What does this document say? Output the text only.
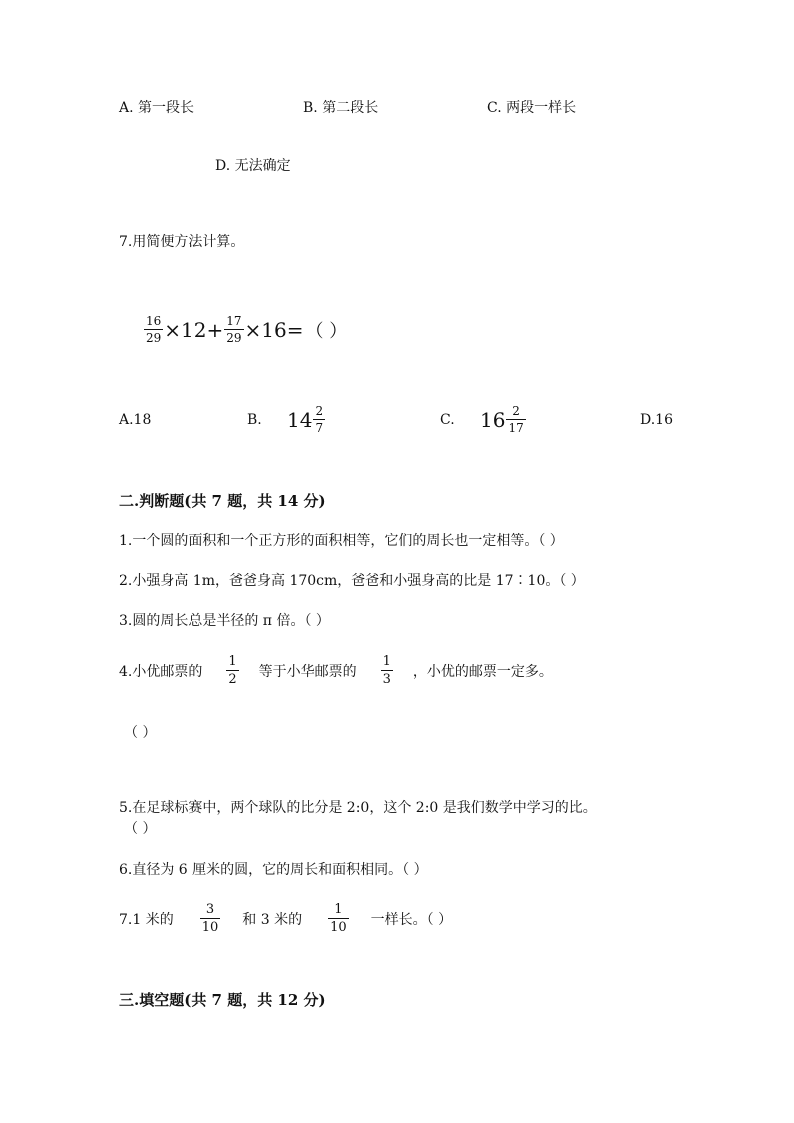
A. 第一段长	B. 第二段长	C. 两段一样长
D. 无法确定
7.用简便方法计算。
$\frac{16}{29} \times 12+ \frac{17}{29} \times 16=$ （ ）
A.18	B. $14 \frac{2}{7}$	C. $16 \frac{2}{17}$	D.16
二.判断题(共 7 题，共 14 分)
1.一个圆的面积和一个正方形的面积相等，它们的周长也一定相等。（ ）
2.小强身高 1m，爸爸身高 170cm，爸爸和小强身高的比是 17∶10。（ ）
3.圆的周长总是半径的 π 倍。（ ）
4.小优邮票的 $\frac{1}{2}$ 等于小华邮票的 $\frac{1}{3}$ ，小优的邮票一定多。
（ ）
5.在足球标赛中，两个球队的比分是 2:0，这个 2:0 是我们数学中学习的比。
（ ）
6.直径为 6 厘米的圆，它的周长和面积相同。（ ）
7.1 米的 $\frac{3}{10}$ 和 3 米的 $\frac{1}{10}$ 一样长。（ ）
三.填空题(共 7 题，共 12 分)
